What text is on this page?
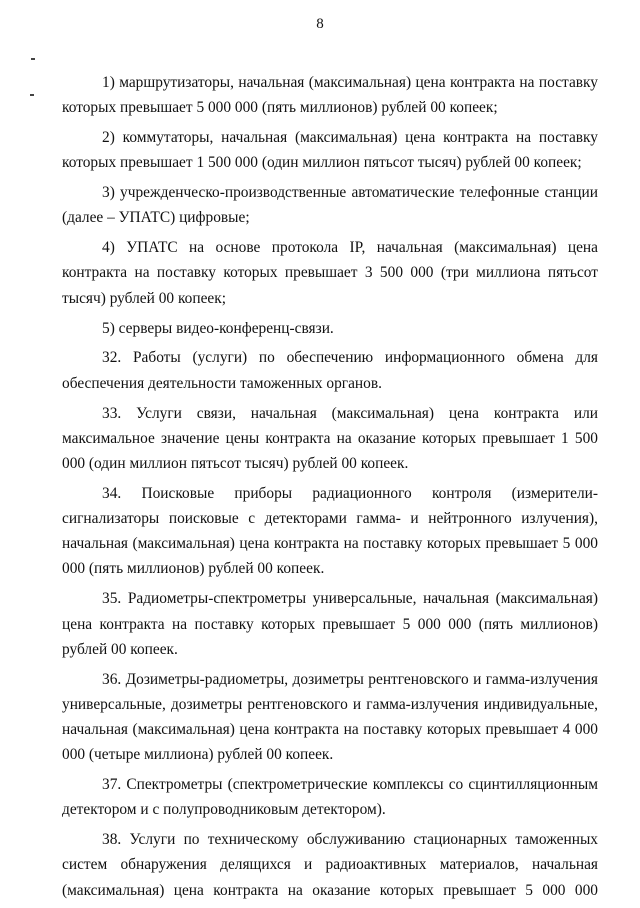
8

1) маршрутизаторы, начальная (максимальная) цена контракта на поставку которых превышает 5 000 000 (пять миллионов) рублей 00 копеек;

2) коммутаторы, начальная (максимальная) цена контракта на поставку которых превышает 1 500 000 (один миллион пятьсот тысяч) рублей 00 копеек;

3) учрежденческо-производственные автоматические телефонные станции (далее – УПАТС) цифровые;

4) УПАТС на основе протокола IP, начальная (максимальная) цена контракта на поставку которых превышает 3 500 000 (три миллиона пятьсот тысяч) рублей 00 копеек;

5) серверы видео-конференц-связи.

32. Работы (услуги) по обеспечению информационного обмена для обеспечения деятельности таможенных органов.

33. Услуги связи, начальная (максимальная) цена контракта или максимальное значение цены контракта на оказание которых превышает 1 500 000 (один миллион пятьсот тысяч) рублей 00 копеек.

34. Поисковые приборы радиационного контроля (измерители-сигнализаторы поисковые с детекторами гамма- и нейтронного излучения), начальная (максимальная) цена контракта на поставку которых превышает 5 000 000 (пять миллионов) рублей 00 копеек.

35. Радиометры-спектрометры универсальные, начальная (максимальная) цена контракта на поставку которых превышает 5 000 000 (пять миллионов) рублей 00 копеек.

36. Дозиметры-радиометры, дозиметры рентгеновского и гамма-излучения универсальные, дозиметры рентгеновского и гамма-излучения индивидуальные, начальная (максимальная) цена контракта на поставку которых превышает 4 000 000 (четыре миллиона) рублей 00 копеек.

37. Спектрометры (спектрометрические комплексы со сцинтилляционным детектором и с полупроводниковым детектором).

38. Услуги по техническому обслуживанию стационарных таможенных систем обнаружения делящихся и радиоактивных материалов, начальная (максимальная) цена контракта на оказание которых превышает 5 000 000
